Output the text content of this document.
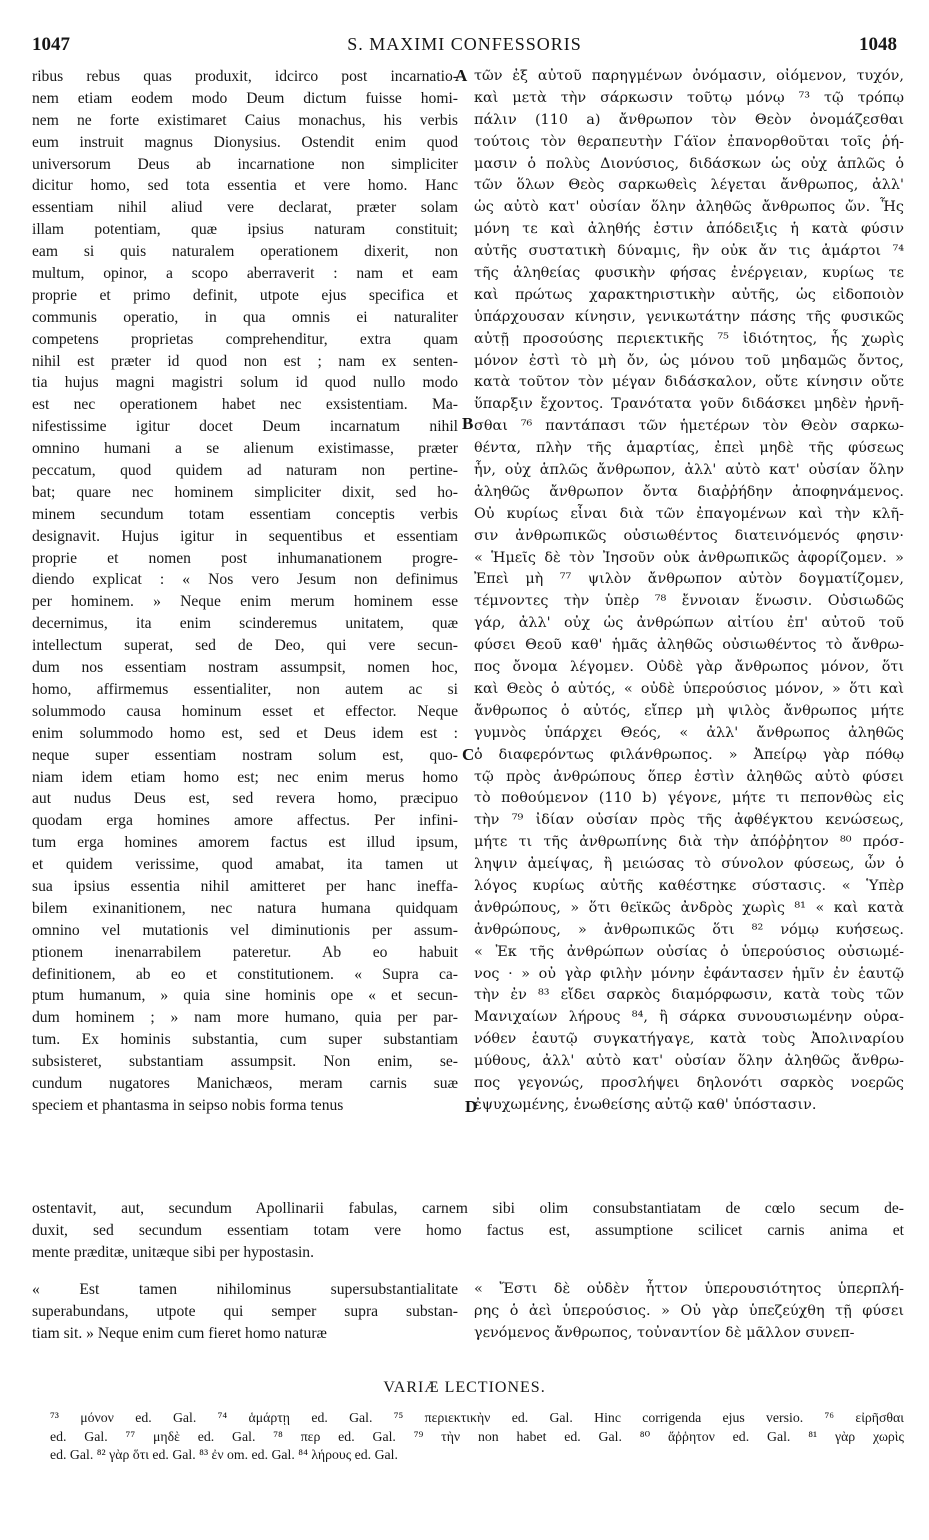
1047	S. MAXIMI CONFESSORIS	1048
ribus rebus quas produxit, idcirco post incarnatio-
nem etiam eodem modo Deum dictum fuisse homi-
nem ne forte existimaret Caius monachus, his verbis
eum instruit magnus Dionysius. Ostendit enim quod
universorum Deus ab incarnatione non simpliciter
dicitur homo, sed tota essentia et vere homo. Hanc
essentiam nihil aliud vere declarat, præter solam
illam potentiam, quæ ipsius naturam constituit;
eam si quis naturalem operationem dixerit, non
multum, opinor, a scopo aberraverit : nam et eam
proprie et primo definit, utpote ejus specifica et
communis operatio, in qua omnis ei naturaliter
competens proprietas comprehenditur, extra quam
nihil est præter id quod non est ; nam ex senten-
tia hujus magni magistri solum id quod nullo modo
est nec operationem habet nec exsistentiam. Ma-
nifestissime igitur docet Deum incarnatum nihil
omnino humani a se alienum existimasse, præter
peccatum, quod quidem ad naturam non pertine-
bat; quare nec hominem simpliciter dixit, sed ho-
minem secundum totam essentiam conceptis verbis
designavit. Hujus igitur in sequentibus et essentiam
proprie et nomen post inhumanationem progre-
diendo explicat : « Nos vero Jesum non definimus
per hominem. » Neque enim merum hominem esse
decernimus, ita enim scinderemus unitatem, quæ
intellectum superat, sed de Deo, qui vere secun-
dum nos essentiam nostram assumpsit, nomen hoc,
homo, affirmemus essentialiter, non autem ac si
solummodo causa hominum esset et effector. Neque
enim solummodo homo est, sed et Deus idem est :
neque super essentiam nostram solum est, quo-
niam idem etiam homo est; nec enim merus homo
aut nudus Deus est, sed revera homo, præcipuo
quodam erga homines amore affectus. Per infini-
tum erga homines amorem factus est illud ipsum,
et quidem verissime, quod amabat, ita tamen ut
sua ipsius essentia nihil amitteret per hanc ineffa-
bilem exinanitionem, nec natura humana quidquam
omnino vel mutationis vel diminutionis per assum-
ptionem inenarrabilem pateretur. Ab eo habuit
definitionem, ab eo et constitutionem. « Supra ca-
ptum humanum, » quia sine hominis ope « et secun-
dum hominem ; » nam more humano, quia per par-
tum. Ex hominis substantia, cum super substantiam
subsisteret, substantiam assumpsit. Non enim, se-
cundum nugatores Manichæos, meram carnis suæ
speciem et phantasma in seipso nobis forma tenus
τῶν ἐξ αὐτοῦ παρηγμένων ὀνόμασιν, οἰόμενον, τυχόν,
καὶ μετὰ τὴν σάρκωσιν τοῦτῳ μόνῳ ⁷³ τῷ τρόπῳ
πάλιν (110 a) ἄνθρωπον τὸν Θεὸν ὀνομάζεσθαι
τούτοις τὸν θεραπευτὴν Γάϊον ἐπανορθοῦται τοῖς ῥή-
μασιν ὁ πολὺς Διονύσιος, διδάσκων ὡς οὐχ ἁπλῶς ὁ
τῶν ὅλων Θεὸς σαρκωθεὶς λέγεται ἄνθρωπος, ἀλλ'
ὡς αὐτὸ κατ' οὐσίαν ὅλην ἀληθῶς ἄνθρωπος ὤν. Ἧς
μόνη τε καὶ ἀληθής ἐστιν ἀπόδειξις ἡ κατὰ φύσιν
αὐτῆς συστατικὴ δύναμις, ἣν οὐκ ἄν τις ἁμάρτοι ⁷⁴
τῆς ἀληθείας φυσικὴν φήσας ἐνέργειαν, κυρίως τε
καὶ πρώτως χαρακτηριστικὴν αὐτῆς, ὡς εἰδοποιὸν
ὑπάρχουσαν κίνησιν, γενικωτάτην πάσης τῆς φυσικῶς
αὐτῇ προσούσης περιεκτικῆς ⁷⁵ ἰδιότητος, ἧς χωρὶς
μόνον ἐστὶ τὸ μὴ ὄν, ὡς μόνου τοῦ μηδαμῶς ὄντος,
κατὰ τοῦτον τὸν μέγαν διδάσκαλον, οὔτε κίνησιν οὔτε
ὕπαρξιν ἔχοντος. Τρανότατα γοῦν διδάσκει μηδὲν ἠρνῆ-
σθαι ⁷⁶ παντάπασι τῶν ἡμετέρων τὸν Θεὸν σαρκω-
θέντα, πλὴν τῆς ἁμαρτίας, ἐπεὶ μηδὲ τῆς φύσεως
ἦν, οὐχ ἁπλῶς ἄνθρωπον, ἀλλ' αὐτὸ κατ' οὐσίαν ὅλην
ἀληθῶς ἄνθρωπον ὄντα διαῤῥήδην ἀποφηνάμενος.
Οὐ κυρίως εἶναι διὰ τῶν ἐπαγομένων καὶ τὴν κλῆ-
σιν ἀνθρωπικῶς οὐσιωθέντος διατεινόμενός φησιν·
« Ἡμεῖς δὲ τὸν Ἰησοῦν οὐκ ἀνθρωπικῶς ἀφορίζομεν. »
Ἐπεὶ μὴ ⁷⁷ ψιλὸν ἄνθρωπον αὐτὸν δογματίζομεν,
τέμνοντες τὴν ὑπὲρ ⁷⁸ ἔννοιαν ἕνωσιν. Οὐσιωδῶς
γάρ, ἀλλ' οὐχ ὡς ἀνθρώπων αἰτίου ἐπ' αὐτοῦ τοῦ
φύσει Θεοῦ καθ' ἡμᾶς ἀληθῶς οὐσιωθέντος τὸ ἄνθρω-
πος ὄνομα λέγομεν. Οὐδὲ γὰρ ἄνθρωπος μόνον, ὅτι
καὶ Θεὸς ὁ αὐτός, « οὐδὲ ὑπερούσιος μόνον, » ὅτι καὶ
ἄνθρωπος ὁ αὐτός, εἴπερ μὴ ψιλὸς ἄνθρωπος μήτε
γυμνὸς ὑπάρχει Θεός, « ἀλλ' ἄνθρωπος ἀληθῶς
ὁ διαφερόντως φιλάνθρωπος. » Ἀπείρῳ γὰρ πόθῳ
τῷ πρὸς ἀνθρώπους ὅπερ ἐστὶν ἀληθῶς αὐτὸ φύσει
τὸ ποθούμενον (110 b) γέγονε, μήτε τι πεπονθὼς εἰς
τὴν ⁷⁹ ἰδίαν οὐσίαν πρὸς τῆς ἀφθέγκτου κενώσεως,
μήτε τι τῆς ἀνθρωπίνης διὰ τὴν ἀπόῤῥητον ⁸⁰ πρόσ-
ληψιν ἀμείψας, ἢ μειώσας τὸ σύνολον φύσεως, ὧν ὁ
λόγος κυρίως αὐτῆς καθέστηκε σύστασις. « Ὑπὲρ
ἀνθρώπους, » ὅτι θεϊκῶς ἀνδρὸς χωρὶς ⁸¹ « καὶ κατὰ
ἀνθρώπους, » ἀνθρωπικῶς ὅτι ⁸² νόμῳ κυήσεως.
« Ἐκ τῆς ἀνθρώπων οὐσίας ὁ ὑπερούσιος οὐσιωμέ-
νος · » οὐ γὰρ φιλὴν μόνην ἐφάντασεν ἡμῖν ἐν ἑαυτῷ
τὴν ἐν ⁸³ εἴδει σαρκὸς διαμόρφωσιν, κατὰ τοὺς τῶν
Μανιχαίων λήρους ⁸⁴, ἢ σάρκα συνουσιωμένην οὐρα-
νόθεν ἑαυτῷ συγκατήγαγε, κατὰ τοὺς Ἀπολιναρίου
μύθους, ἀλλ' αὐτὸ κατ' οὐσίαν ὅλην ἀληθῶς ἄνθρω-
πος γεγονώς, προσλήψει δηλονότι σαρκὸς νοερῶς
ἐψυχωμένης, ἑνωθείσης αὐτῷ καθ' ὑπόστασιν.
A
B
C
D
ostentavit, aut, secundum Apollinarii fabulas, carnem sibi olim consubstantiatam de cœlo secum de-
duxit, sed secundum essentiam totam vere homo factus est, assumptione scilicet carnis anima et
mente præditæ, unitæque sibi per hypostasin.
« Est tamen nihilominus supersubstantialitate
superabundans, utpote qui semper supra substan-
tiam sit. » Neque enim cum fieret homo naturæ
« Ἔστι δὲ οὐδὲν ἧττον ὑπερουσιότητος ὑπερπλή-
ρης ὁ ἀεὶ ὑπερούσιος. » Οὐ γὰρ ὑπεζεύχθη τῇ φύσει
γενόμενος ἄνθρωπος, τοὐναντίον δὲ μᾶλλον συνεπ-
VARIÆ LECTIONES.
⁷³ μόνον ed. Gal. ⁷⁴ ἁμάρτῃ ed. Gal. ⁷⁵ περιεκτικὴν ed. Gal. Hinc corrigenda ejus versio. ⁷⁶ εἰρῆσθαι
ed. Gal. ⁷⁷ μηδὲ ed. Gal. ⁷⁸ περ ed. Gal. ⁷⁹ τὴν non habet ed. Gal. ⁸⁰ ἄῤῥητον ed. Gal. ⁸¹ γὰρ χωρὶς
ed. Gal. ⁸² γὰρ ὅτι ed. Gal. ⁸³ ἐν om. ed. Gal. ⁸⁴ λήρους ed. Gal.
